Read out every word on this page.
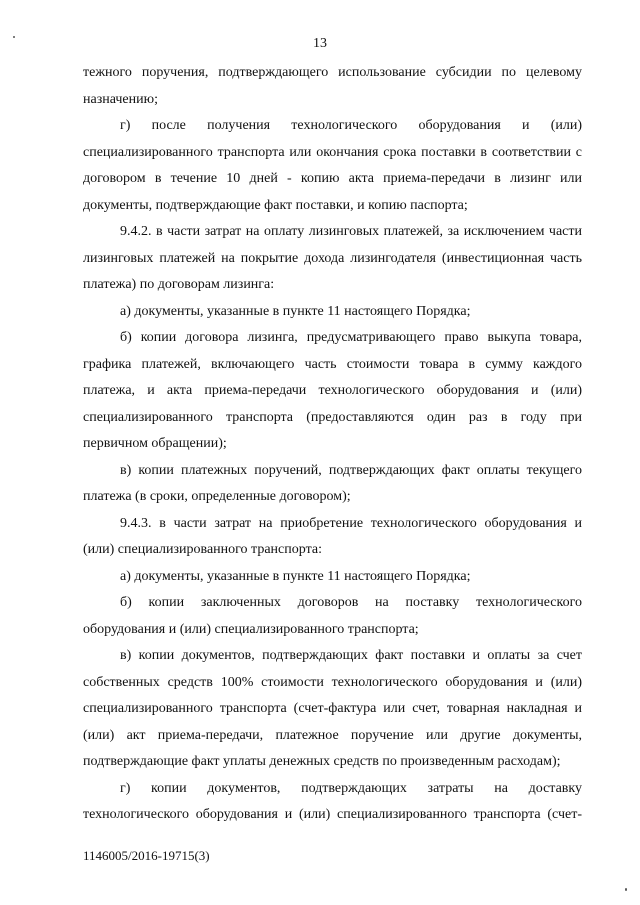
13

тежного поручения, подтверждающего использование субсидии по целевому назначению;

г) после получения технологического оборудования и (или) специализированного транспорта или окончания срока поставки в соответствии с договором в течение 10 дней - копию акта приема-передачи в лизинг или документы, подтверждающие факт поставки, и копию паспорта;

9.4.2. в части затрат на оплату лизинговых платежей, за исключением части лизинговых платежей на покрытие дохода лизингодателя (инвестиционная часть платежа) по договорам лизинга:

а) документы, указанные в пункте 11 настоящего Порядка;

б) копии договора лизинга, предусматривающего право выкупа товара, графика платежей, включающего часть стоимости товара в сумму каждого платежа, и акта приема-передачи технологического оборудования и (или) специализированного транспорта (предоставляются один раз в году при первичном обращении);

в) копии платежных поручений, подтверждающих факт оплаты текущего платежа (в сроки, определенные договором);

9.4.3. в части затрат на приобретение технологического оборудования и (или) специализированного транспорта:

а) документы, указанные в пункте 11 настоящего Порядка;

б) копии заключенных договоров на поставку технологического оборудования и (или) специализированного транспорта;

в) копии документов, подтверждающих факт поставки и оплаты за счет собственных средств 100% стоимости технологического оборудования и (или) специализированного транспорта (счет-фактура или счет, товарная накладная и (или) акт приема-передачи, платежное поручение или другие документы, подтверждающие факт уплаты денежных средств по произведенным расходам);

г) копии документов, подтверждающих затраты на доставку технологического оборудования и (или) специализированного транспорта (счет-

1146005/2016-19715(3)
